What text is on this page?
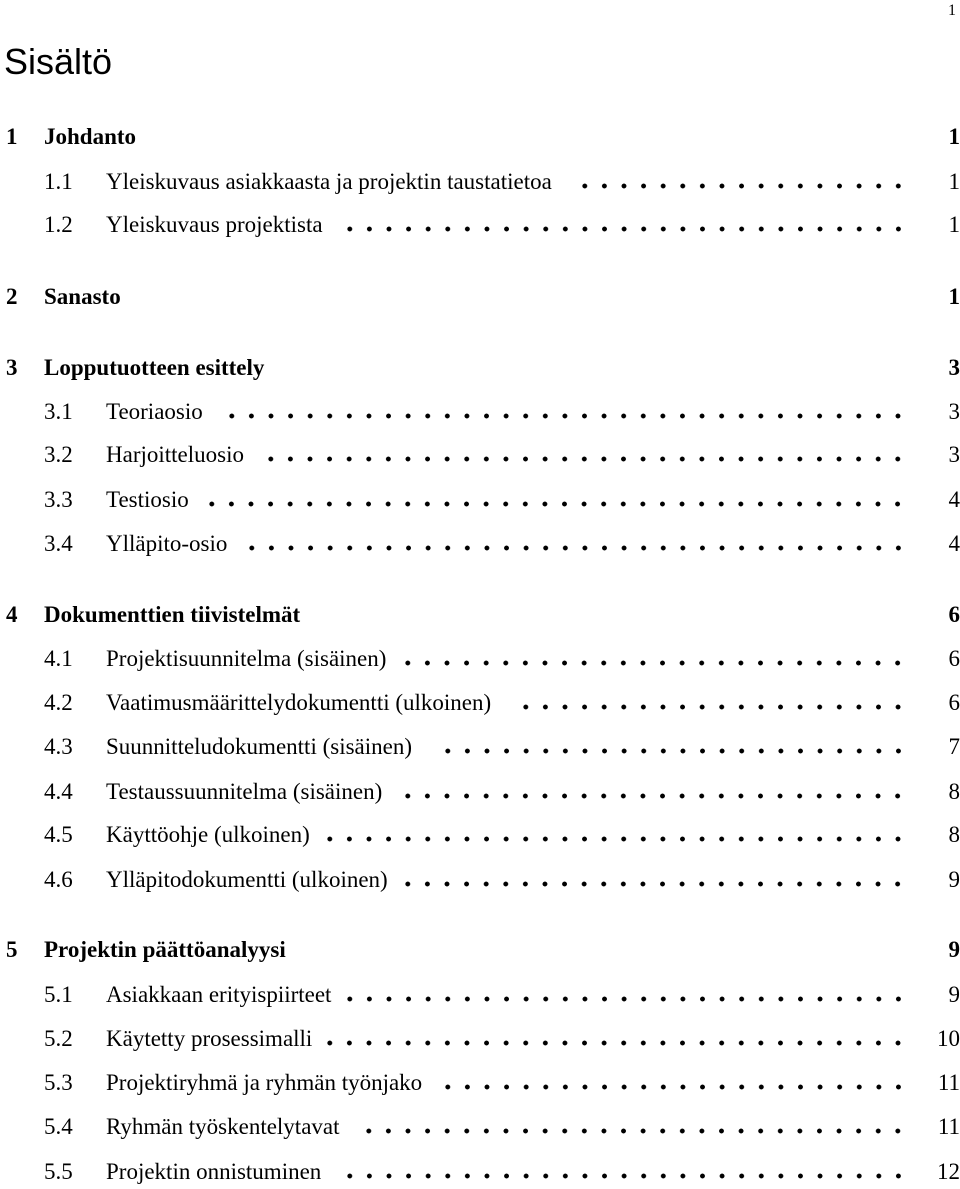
1
Sisältö
1 Johdanto	1
1.1 Yleiskuvaus asiakkaasta ja projektin taustatietoa	1
1.2 Yleiskuvaus projektista	1
2 Sanasto	1
3 Lopputuotteen esittely	3
3.1 Teoriaosio	3
3.2 Harjoitteluosio	3
3.3 Testiosio	4
3.4 Ylläpito-osio	4
4 Dokumenttien tiivistelmät	6
4.1 Projektisuunnitelma (sisäinen)	6
4.2 Vaatimusmäärittelydokumentti (ulkoinen)	6
4.3 Suunnitteludokumentti (sisäinen)	7
4.4 Testaussuunnitelma (sisäinen)	8
4.5 Käyttöohje (ulkoinen)	8
4.6 Ylläpitodokumentti (ulkoinen)	9
5 Projektin päättöanalyysi	9
5.1 Asiakkaan erityispiirteet	9
5.2 Käytetty prosessimalli	10
5.3 Projektiryhmä ja ryhmän työnjako	11
5.4 Ryhmän työskentelytavat	11
5.5 Projektin onnistuminen	12
